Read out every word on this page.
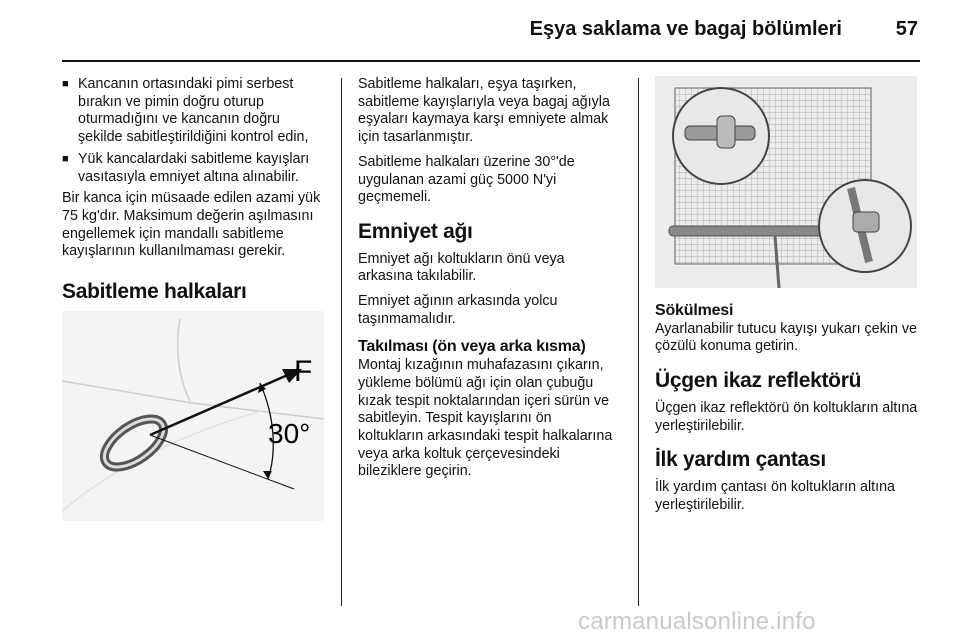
Eşya saklama ve bagaj bölümleri	57
■ Kancanın ortasındaki pimi serbest bırakın ve pimin doğru oturup oturmadığını ve kancanın doğru şekilde sabitleştirildiğini kontrol edin,
■ Yük kancalardaki sabitleme kayışları vasıtasıyla emniyet altına alınabilir.

Bir kanca için müsaade edilen azami yük 75 kg'dır. Maksimum değerin aşılmasını engellemek için mandallı sabitleme kayışlarının kullanılmaması gerekir.

Sabitleme halkaları
F
30°

Sabitleme halkaları, eşya taşırken, sabitleme kayışlarıyla veya bagaj ağıyla eşyaları kaymaya karşı emniyete almak için tasarlanmıştır.

Sabitleme halkaları üzerine 30°'de uygulanan azami güç 5000 N'yi geçmemeli.

Emniyet ağı

Emniyet ağı koltukların önü veya arkasına takılabilir.

Emniyet ağının arkasında yolcu taşınmamalıdır.

Takılması (ön veya arka kısma)

Montaj kızağının muhafazasını çıkarın, yükleme bölümü ağı için olan çubuğu kızak tespit noktalarından içeri sürün ve sabitleyin. Tespit kayışlarını ön koltukların arkasındaki tespit halkalarına veya arka koltuk çerçevesindeki bileziklere geçirin.

Sökülmesi

Ayarlanabilir tutucu kayışı yukarı çekin ve çözülü konuma getirin.

Üçgen ikaz reflektörü

Üçgen ikaz reflektörü ön koltukların altına yerleştirilebilir.

İlk yardım çantası

İlk yardım çantası ön koltukların altına yerleştirilebilir.

carmanualsonline.info
